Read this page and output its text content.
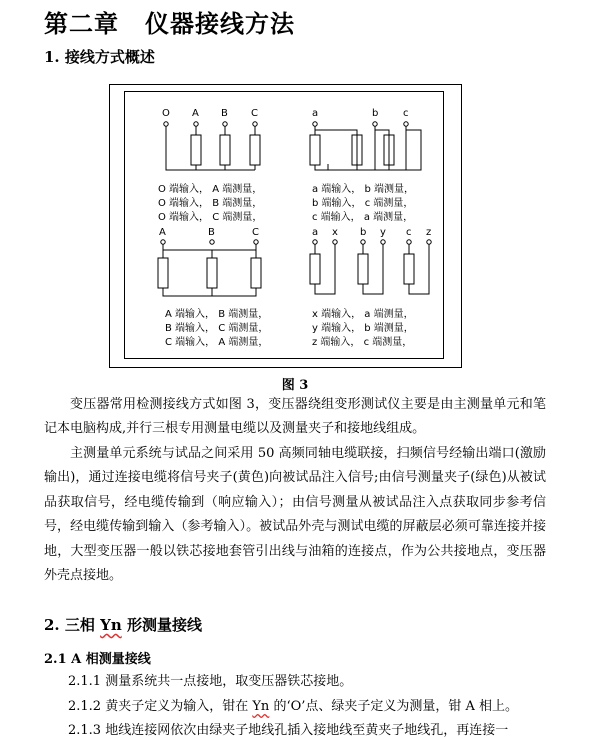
第二章 仪器接线方法
1. 接线方式概述
O A B C	a	b c
A	B	C	a x b y c z
O 端输入， A 端测量，
O 端输入， B 端测量，
O 端输入， C 端测量，
a 端输入， b 端测量，
b 端输入， c 端测量，
c 端输入， a 端测量，
A 端输入， B 端测量，
B 端输入， C 端测量，
C 端输入， A 端测量，
x 端输入， a 端测量，
y 端输入， b 端测量，
z 端输入， c 端测量，
图 3

变压器常用检测接线方式如图 3，变压器绕组变形测试仪主要是由主测量单元和笔记本电脑构成,并行三根专用测量电缆以及测量夹子和接地线组成。

主测量单元系统与试品之间采用 50 高频同轴电缆联接，扫频信号经输出端口(激励输出)，通过连接电缆将信号夹子(黄色)向被试品注入信号;由信号测量夹子(绿色)从被试品获取信号，经电缆传输到（响应输入）；由信号测量从被试品注入点获取同步参考信号，经电缆传输到输入（参考输入）。被试品外壳与测试电缆的屏蔽层必须可靠连接并接地，大型变压器一般以铁芯接地套管引出线与油箱的连接点，作为公共接地点，变压器外壳点接地。

2. 三相 Yn 形测量接线
2.1 A 相测量接线
2.1.1 测量系统共一点接地，取变压器铁芯接地。
2.1.2 黄夹子定义为输入，钳在 Yn 的‘O’点、绿夹子定义为测量，钳 A 相上。
2.1.3 地线连接网依次由绿夹子地线孔插入接地线至黄夹子地线孔，再连接一
